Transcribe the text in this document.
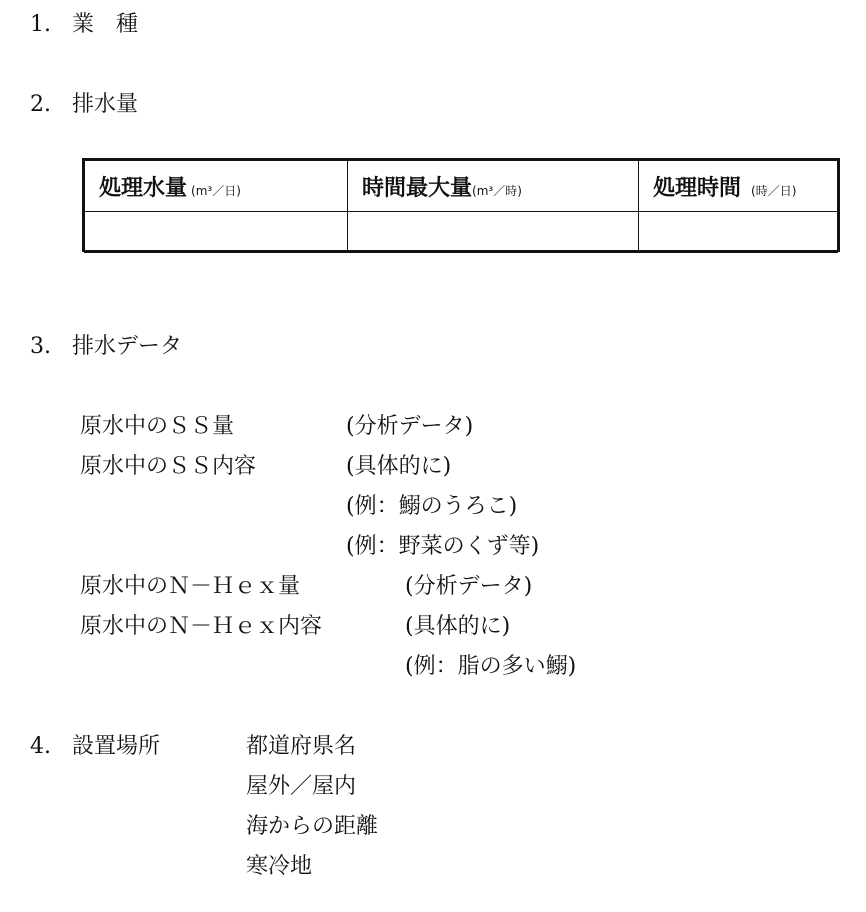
1. 業　種
2. 排水量
処理水量 (m³／日)	時間最大量(m³／時)	処理時間 (時／日)

3. 排水データ
原水中のＳＳ量	(分析データ)
原水中のＳＳ内容	(具体的に)
(例：鰯のうろこ)
(例：野菜のくず等)
原水中のＮ－Ｈｅｘ量	(分析データ)
原水中のＮ－Ｈｅｘ内容	(具体的に)
(例：脂の多い鰯)
4. 設置場所	都道府県名
屋外／屋内
海からの距離
寒冷地
